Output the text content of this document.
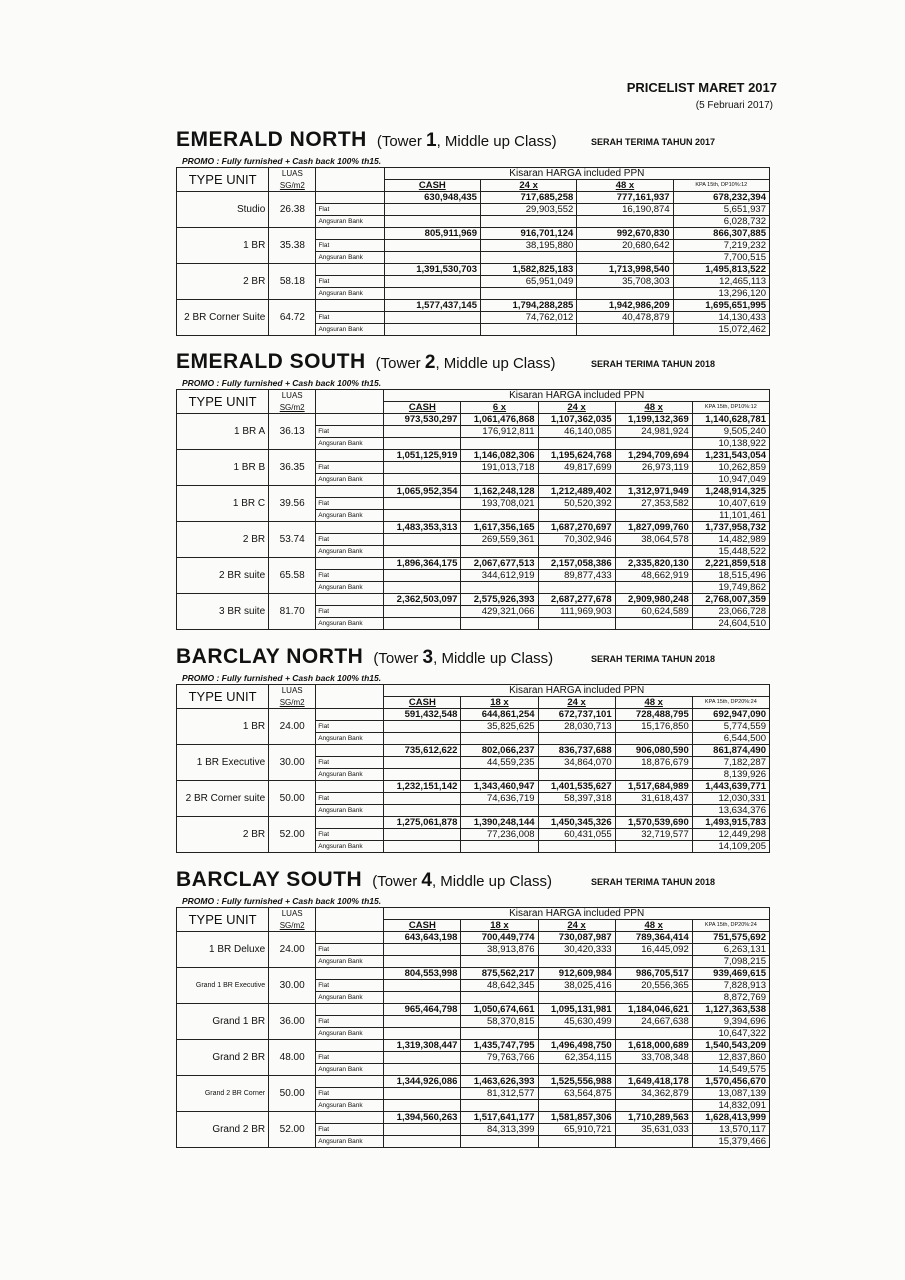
PRICELIST MARET 2017
(5 Februari 2017)
EMERALD NORTH (Tower 1, Middle up Class)	SERAH TERIMA TAHUN 2017
PROMO : Fully furnished + Cash back 100% th15.
TYPE UNIT	LUAS		Kisaran HARGA included PPN			
	SG/m2		CASH	24 x	48 x	KPA 15th, DP10%:12
Studio	26.38		630,948,435	717,685,258	777,161,937	678,232,394
		Flat		29,903,552	16,190,874	5,651,937
		Angsuran Bank				6,028,732
1 BR	35.38		805,911,969	916,701,124	992,670,830	866,307,885
		Flat		38,195,880	20,680,642	7,219,232
		Angsuran Bank				7,700,515
2 BR	58.18		1,391,530,703	1,582,825,183	1,713,998,540	1,495,813,522
		Flat		65,951,049	35,708,303	12,465,113
		Angsuran Bank				13,296,120
2 BR Corner Suite	64.72		1,577,437,145	1,794,288,285	1,942,986,209	1,695,651,995
		Flat		74,762,012	40,478,879	14,130,433
		Angsuran Bank				15,072,462
EMERALD SOUTH (Tower 2, Middle up Class)	SERAH TERIMA TAHUN 2018
PROMO : Fully furnished + Cash back 100% th15.
TYPE UNIT	LUAS		Kisaran HARGA included PPN				
	SG/m2		CASH	6 x	24 x	48 x	KPA 15th, DP10%:12
1 BR A	36.13		973,530,297	1,061,476,868	1,107,362,035	1,199,132,369	1,140,628,781
		Flat		176,912,811	46,140,085	24,981,924	9,505,240
		Angsuran Bank					10,138,922
1 BR B	36.35		1,051,125,919	1,146,082,306	1,195,624,768	1,294,709,694	1,231,543,054
		Flat		191,013,718	49,817,699	26,973,119	10,262,859
		Angsuran Bank					10,947,049
1 BR C	39.56		1,065,952,354	1,162,248,128	1,212,489,402	1,312,971,949	1,248,914,325
		Flat		193,708,021	50,520,392	27,353,582	10,407,619
		Angsuran Bank					11,101,461
2 BR	53.74		1,483,353,313	1,617,356,165	1,687,270,697	1,827,099,760	1,737,958,732
		Flat		269,559,361	70,302,946	38,064,578	14,482,989
		Angsuran Bank					15,448,522
2 BR suite	65.58		1,896,364,175	2,067,677,513	2,157,058,386	2,335,820,130	2,221,859,518
		Flat		344,612,919	89,877,433	48,662,919	18,515,496
		Angsuran Bank					19,749,862
3 BR suite	81.70		2,362,503,097	2,575,926,393	2,687,277,678	2,909,980,248	2,768,007,359
		Flat		429,321,066	111,969,903	60,624,589	23,066,728
		Angsuran Bank					24,604,510
BARCLAY NORTH (Tower 3, Middle up Class)	SERAH TERIMA TAHUN 2018
PROMO : Fully furnished + Cash back 100% th15.
TYPE UNIT	LUAS		Kisaran HARGA included PPN				
	SG/m2		CASH	18 x	24 x	48 x	KPA 15th, DP20%:24
1 BR	24.00		591,432,548	644,861,254	672,737,101	728,488,795	692,947,090
		Flat		35,825,625	28,030,713	15,176,850	5,774,559
		Angsuran Bank					6,544,500
1 BR Executive	30.00		735,612,622	802,066,237	836,737,688	906,080,590	861,874,490
		Flat		44,559,235	34,864,070	18,876,679	7,182,287
		Angsuran Bank					8,139,926
2 BR Corner suite	50.00		1,232,151,142	1,343,460,947	1,401,535,627	1,517,684,989	1,443,639,771
		Flat		74,636,719	58,397,318	31,618,437	12,030,331
		Angsuran Bank					13,634,376
2 BR	52.00		1,275,061,878	1,390,248,144	1,450,345,326	1,570,539,690	1,493,915,783
		Flat		77,236,008	60,431,055	32,719,577	12,449,298
		Angsuran Bank					14,109,205
BARCLAY SOUTH (Tower 4, Middle up Class)	SERAH TERIMA TAHUN 2018
PROMO : Fully furnished + Cash back 100% th15.
TYPE UNIT	LUAS		Kisaran HARGA included PPN				
	SG/m2		CASH	18 x	24 x	48 x	KPA 15th, DP20%:24
1 BR Deluxe	24.00		643,643,198	700,449,774	730,087,987	789,364,414	751,575,692
		Flat		38,913,876	30,420,333	16,445,092	6,263,131
		Angsuran Bank					7,098,215
Grand 1 BR Executive	30.00		804,553,998	875,562,217	912,609,984	986,705,517	939,469,615
		Flat		48,642,345	38,025,416	20,556,365	7,828,913
		Angsuran Bank					8,872,769
Grand 1 BR	36.00		965,464,798	1,050,674,661	1,095,131,981	1,184,046,621	1,127,363,538
		Flat		58,370,815	45,630,499	24,667,638	9,394,696
		Angsuran Bank					10,647,322
Grand 2 BR	48.00		1,319,308,447	1,435,747,795	1,496,498,750	1,618,000,689	1,540,543,209
		Flat		79,763,766	62,354,115	33,708,348	12,837,860
		Angsuran Bank					14,549,575
Grand 2 BR Corner	50.00		1,344,926,086	1,463,626,393	1,525,556,988	1,649,418,178	1,570,456,670
		Flat		81,312,577	63,564,875	34,362,879	13,087,139
		Angsuran Bank					14,832,091
Grand 2 BR	52.00		1,394,560,263	1,517,641,177	1,581,857,306	1,710,289,563	1,628,413,999
		Flat		84,313,399	65,910,721	35,631,033	13,570,117
		Angsuran Bank					15,379,466
